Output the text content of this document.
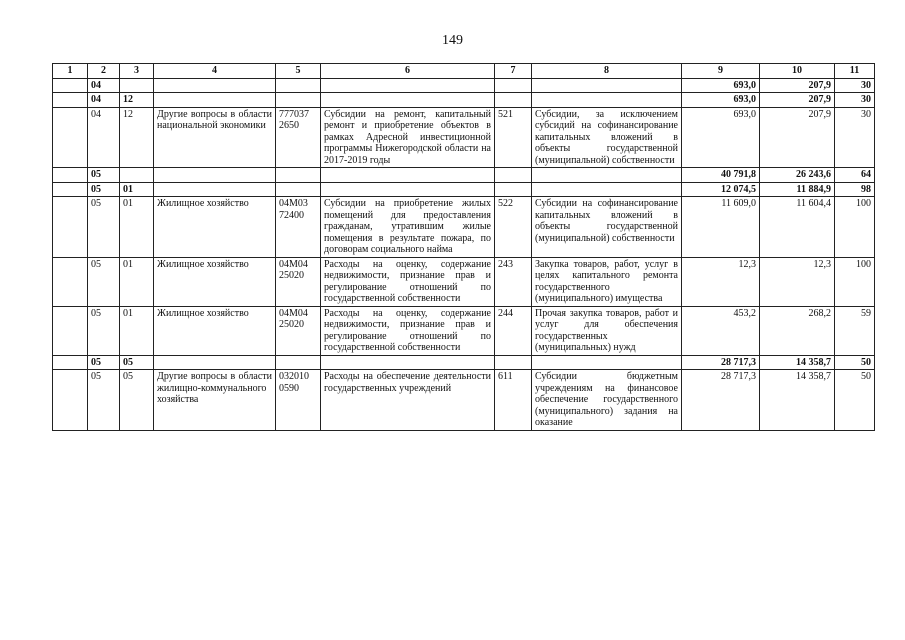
149
1	2	3	4	5	6	7	8	9	10	11
	04							693,0	207,9	30
	04	12						693,0	207,9	30
	04	12	Другие вопросы в области национальной экономики	777037 2650	Субсидии на ремонт, капитальный ремонт и приобретение объектов в рамках Адресной инвестиционной программы Нижегородской области на 2017-2019 годы	521	Субсидии, за исключением субсидий на софинансирование капитальных вложений в объекты государственной (муниципальной) собственности	693,0	207,9	30
	05							40 791,8	26 243,6	64
	05	01						12 074,5	11 884,9	98
	05	01	Жилищное хозяйство	04М03 72400	Субсидии на приобретение жилых помещений для предоставления гражданам, утратившим жилые помещения в результате пожара, по договорам социального найма	522	Субсидии на софинансирование капитальных вложений в объекты государственной (муниципальной) собственности	11 609,0	11 604,4	100
	05	01	Жилищное хозяйство	04М04 25020	Расходы на оценку, содержание недвижимости, признание прав и регулирование отношений по государственной собственности	243	Закупка товаров, работ, услуг в целях капитального ремонта государственного (муниципального) имущества	12,3	12,3	100
	05	01	Жилищное хозяйство	04М04 25020	Расходы на оценку, содержание недвижимости, признание прав и регулирование отношений по государственной собственности	244	Прочая закупка товаров, работ и услуг для обеспечения государственных (муниципальных) нужд	453,2	268,2	59
	05	05						28 717,3	14 358,7	50
	05	05	Другие вопросы в области жилищно-коммунального хозяйства	032010 0590	Расходы на обеспечение деятельности государственных учреждений	611	Субсидии бюджетным учреждениям на финансовое обеспечение государственного (муниципального) задания на оказание	28 717,3	14 358,7	50
